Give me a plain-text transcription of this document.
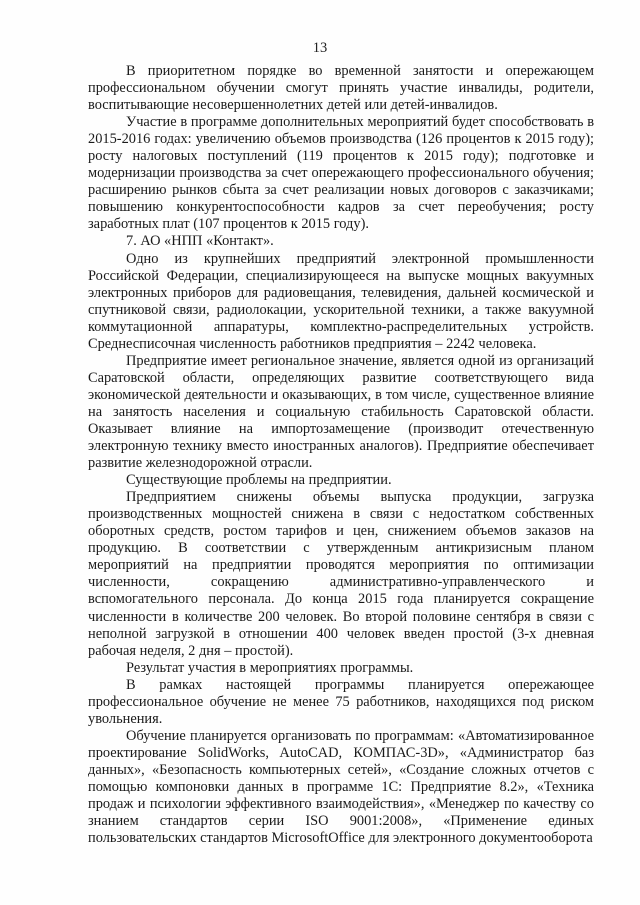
13

В приоритетном порядке во временной занятости и опережающем профессиональном обучении смогут принять участие инвалиды, родители, воспитывающие несовершеннолетних детей или детей-инвалидов.

Участие в программе дополнительных мероприятий будет способствовать в 2015-2016 годах: увеличению объемов производства (126 процентов к 2015 году); росту налоговых поступлений (119 процентов к 2015 году); подготовке и модернизации производства за счет опережающего профессионального обучения; расширению рынков сбыта за счет реализации новых договоров с заказчиками; повышению конкурентоспособности кадров за счет переобучения; росту заработных плат (107 процентов к 2015 году).

7. АО «НПП «Контакт».

Одно из крупнейших предприятий электронной промышленности Российской Федерации, специализирующееся на выпуске мощных вакуумных электронных приборов для радиовещания, телевидения, дальней космической и спутниковой связи, радиолокации, ускорительной техники, а также вакуумной коммутационной аппаратуры, комплектно-распределительных устройств. Среднесписочная численность работников предприятия – 2242 человека.

Предприятие имеет региональное значение, является одной из организаций Саратовской области, определяющих развитие соответствующего вида экономической деятельности и оказывающих, в том числе, существенное влияние на занятость населения и социальную стабильность Саратовской области. Оказывает влияние на импортозамещение (производит отечественную электронную технику вместо иностранных аналогов). Предприятие обеспечивает развитие железнодорожной отрасли.

Существующие проблемы на предприятии.

Предприятием снижены объемы выпуска продукции, загрузка производственных мощностей снижена в связи с недостатком собственных оборотных средств, ростом тарифов и цен, снижением объемов заказов на продукцию. В соответствии с утвержденным антикризисным планом мероприятий на предприятии проводятся мероприятия по оптимизации численности, сокращению административно-управленческого и вспомогательного персонала. До конца 2015 года планируется сокращение численности в количестве 200 человек. Во второй половине сентября в связи с неполной загрузкой в отношении 400 человек введен простой (3-х дневная рабочая неделя, 2 дня – простой).

Результат участия в мероприятиях программы.

В рамках настоящей программы планируется опережающее профессиональное обучение не менее 75 работников, находящихся под риском увольнения.

Обучение планируется организовать по программам: «Автоматизированное проектирование SolidWorks, AutoCAD, КОМПАС-3D», «Администратор баз данных», «Безопасность компьютерных сетей», «Создание сложных отчетов с помощью компоновки данных в программе 1С: Предприятие 8.2», «Техника продаж и психологии эффективного взаимодействия», «Менеджер по качеству со знанием стандартов серии ISO 9001:2008», «Применение единых пользовательских стандартов MicrosoftOffice для электронного документооборота
